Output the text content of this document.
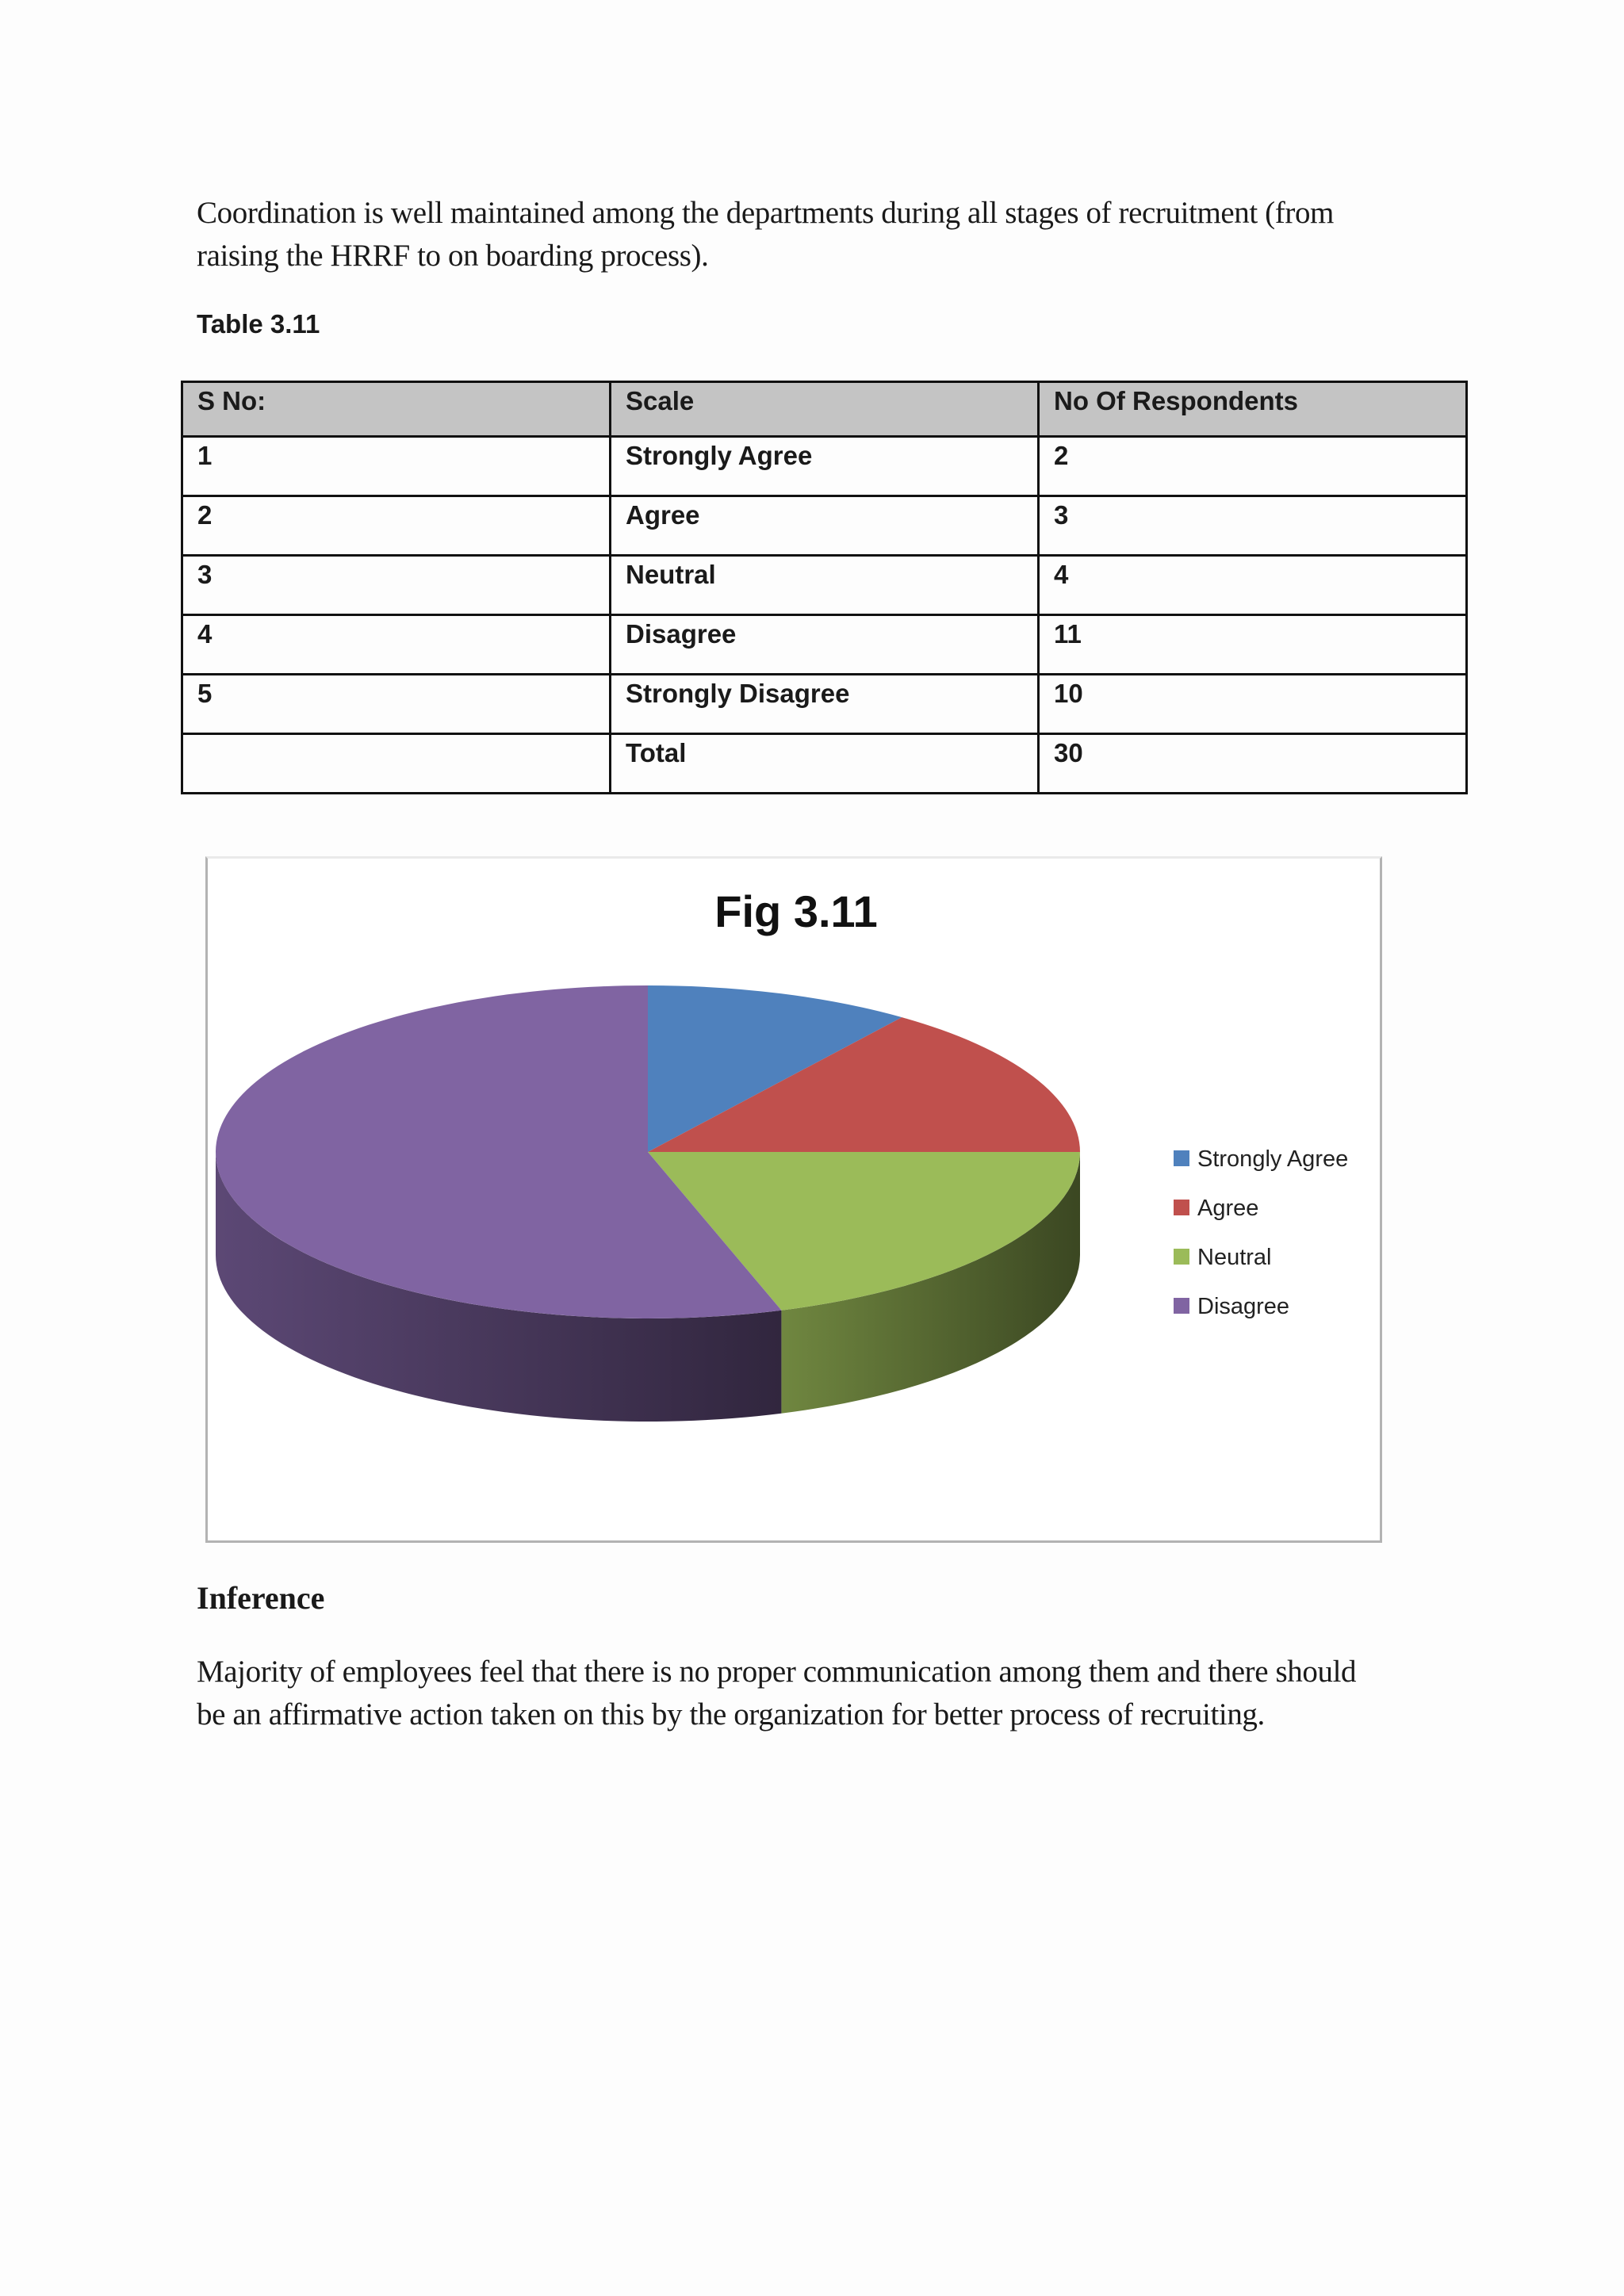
Coordination is well maintained among the departments during all stages of recruitment (from raising the HRRF to on boarding process).

Table 3.11
S No:	Scale	No Of Respondents
1	Strongly Agree	2
2	Agree	3
3	Neutral	4
4	Disagree	11
5	Strongly Disagree	10
	Total	30
Fig 3.11
Strongly Agree
Agree
Neutral
Disagree
Inference

Majority of employees feel that there is no proper communication among them and there should be an affirmative action taken on this by the organization for better process of recruiting.
